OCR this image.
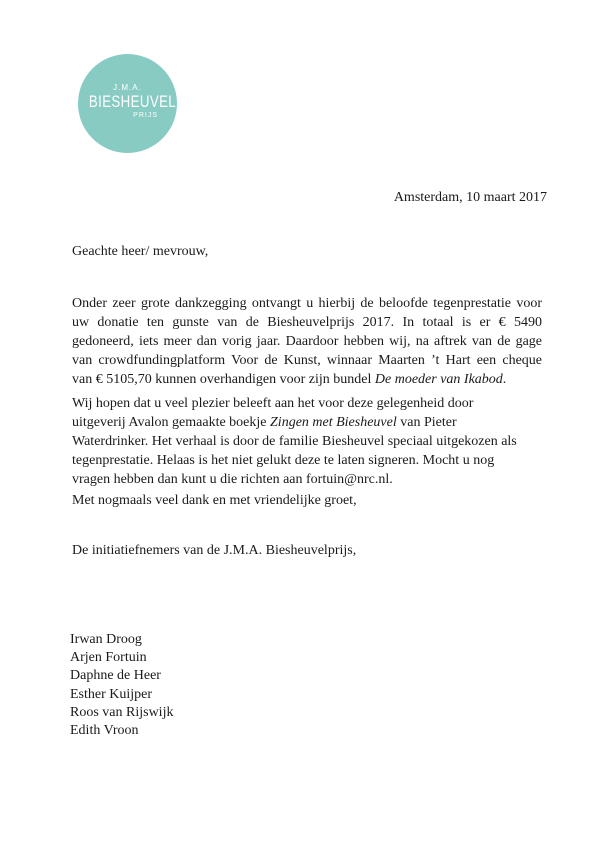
J.M.A.
BIESHEUVEL
PRIJS
Amsterdam, 10 maart 2017
Geachte heer/ mevrouw,
Onder zeer grote dankzegging ontvangt u hierbij de beloofde tegenprestatie voor
uw donatie ten gunste van de Biesheuvelprijs 2017. In totaal is er € 5490
gedoneerd, iets meer dan vorig jaar. Daardoor hebben wij, na aftrek van de gage
van crowdfundingplatform Voor de Kunst, winnaar Maarten ’t Hart een cheque
van € 5105,70 kunnen overhandigen voor zijn bundel De moeder van Ikabod.
Wij hopen dat u veel plezier beleeft aan het voor deze gelegenheid door
uitgeverij Avalon gemaakte boekje Zingen met Biesheuvel van Pieter
Waterdrinker. Het verhaal is door de familie Biesheuvel speciaal uitgekozen als
tegenprestatie. Helaas is het niet gelukt deze te laten signeren. Mocht u nog
vragen hebben dan kunt u die richten aan fortuin@nrc.nl.
Met nogmaals veel dank en met vriendelijke groet,
De initiatiefnemers van de J.M.A. Biesheuvelprijs,
Irwan Droog
Arjen Fortuin
Daphne de Heer
Esther Kuijper
Roos van Rijswijk
Edith Vroon
